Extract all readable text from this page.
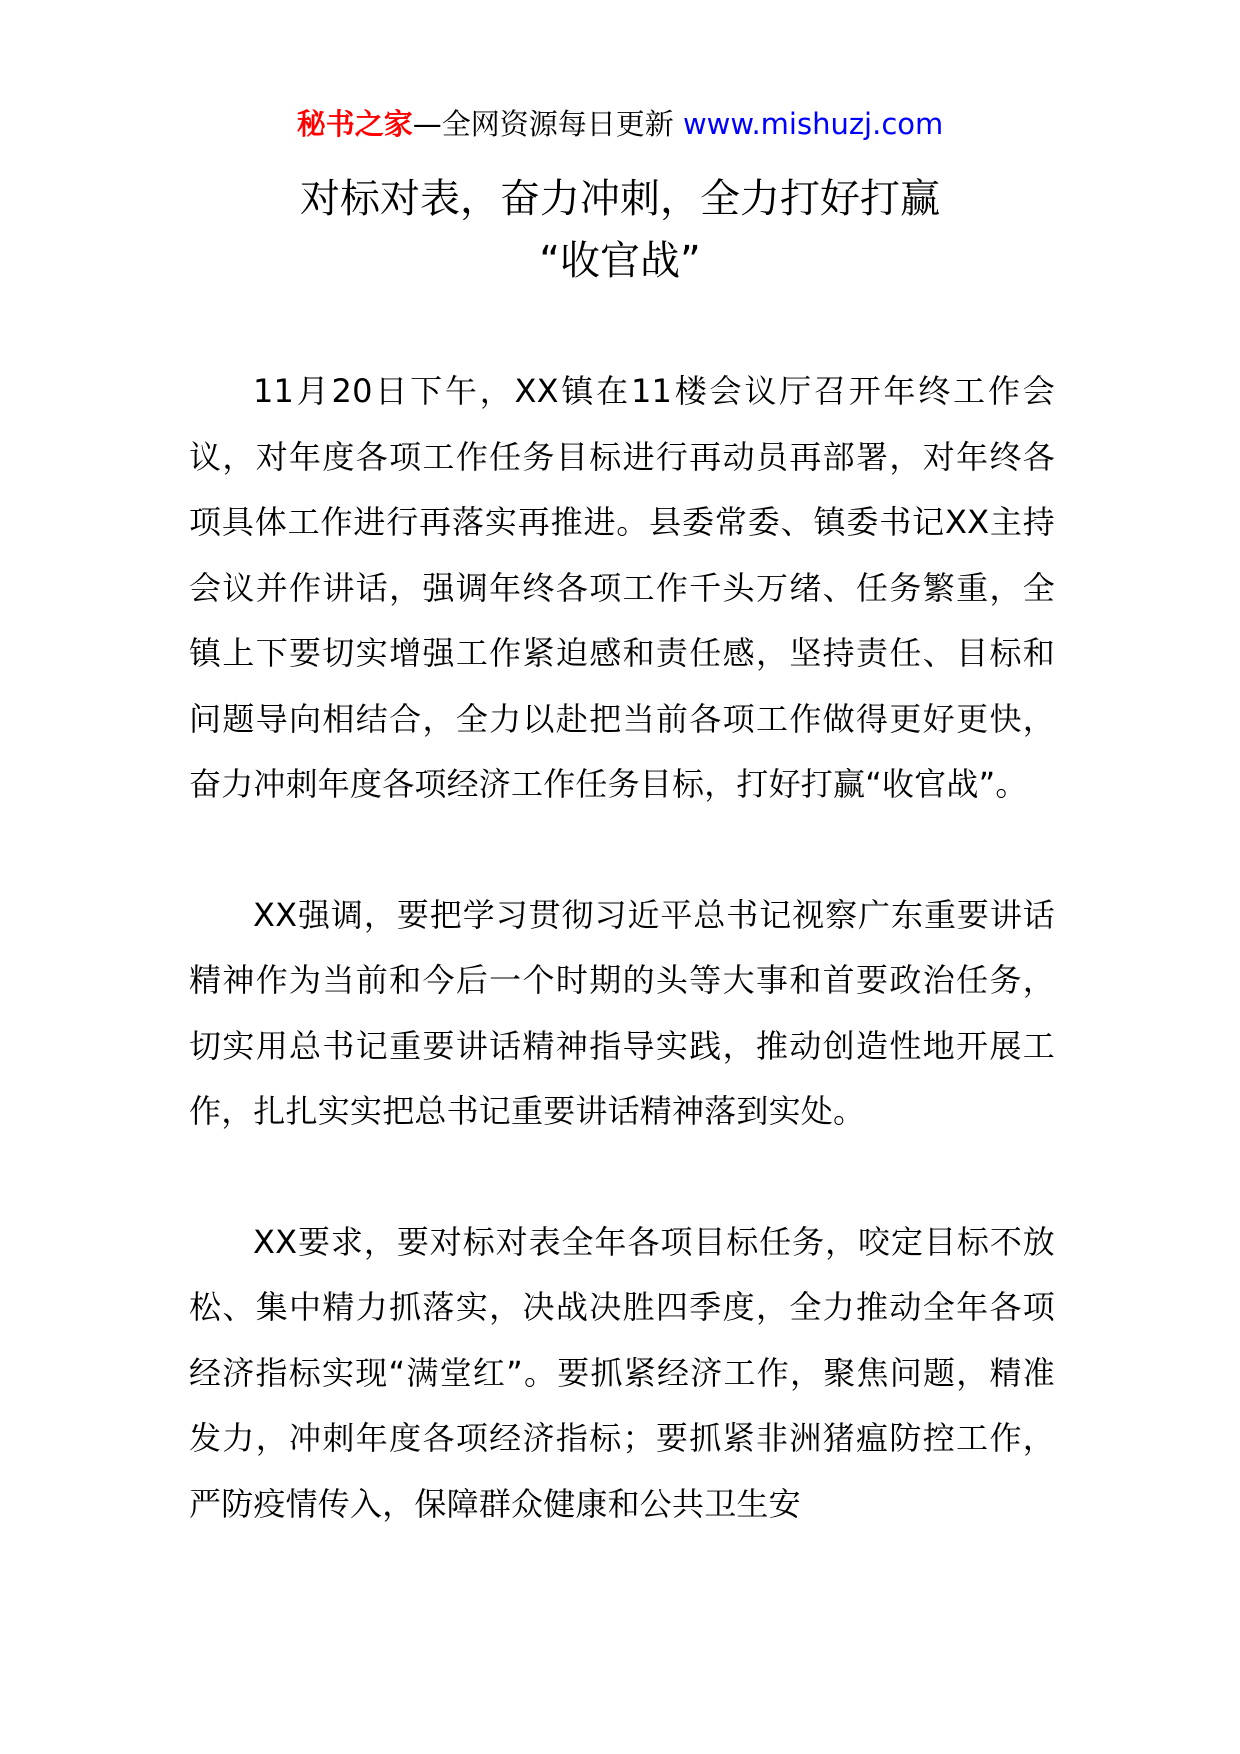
秘书之家—全网资源每日更新 www.mishuzj.com
对标对表，奋力冲刺，全力打好打赢
“收官战”

11月20日下午，XX镇在11楼会议厅召开年终工作会议，对年度各项工作任务目标进行再动员再部署，对年终各项具体工作进行再落实再推进。县委常委、镇委书记XX主持会议并作讲话，强调年终各项工作千头万绪、任务繁重，全镇上下要切实增强工作紧迫感和责任感，坚持责任、目标和问题导向相结合，全力以赴把当前各项工作做得更好更快，奋力冲刺年度各项经济工作任务目标，打好打赢“收官战”。

XX强调，要把学习贯彻习近平总书记视察广东重要讲话精神作为当前和今后一个时期的头等大事和首要政治任务，切实用总书记重要讲话精神指导实践，推动创造性地开展工作，扎扎实实把总书记重要讲话精神落到实处。

XX要求，要对标对表全年各项目标任务，咬定目标不放松、集中精力抓落实，决战决胜四季度，全力推动全年各项经济指标实现“满堂红”。要抓紧经济工作，聚焦问题，精准发力，冲刺年度各项经济指标；要抓紧非洲猪瘟防控工作，严防疫情传入，保障群众健康和公共卫生安
